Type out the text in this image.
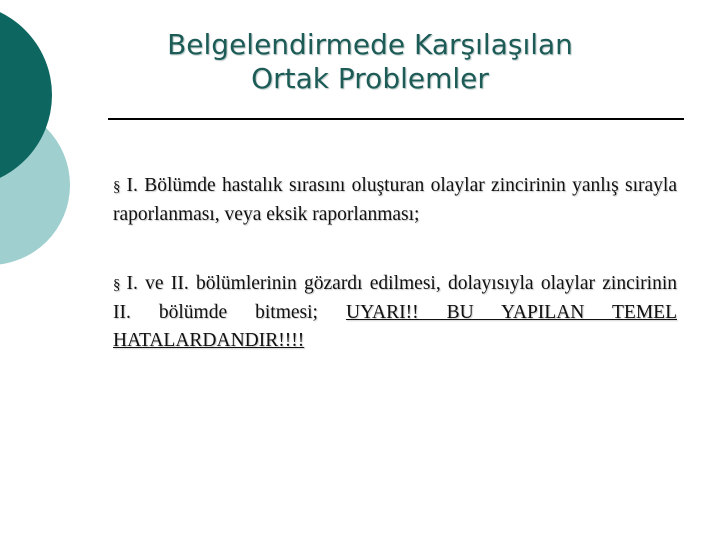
Belgelendirmede Karşılaşılan
Ortak Problemler
§ I. Bölümde hastalık sırasını oluşturan olaylar zincirinin yanlış sırayla raporlanması, veya eksik raporlanması;
§ I. ve II. bölümlerinin gözardı edilmesi, dolayısıyla olaylar zincirinin II. bölümde bitmesi; UYARI!! BU YAPILAN TEMEL HATALARDANDIR!!!!
